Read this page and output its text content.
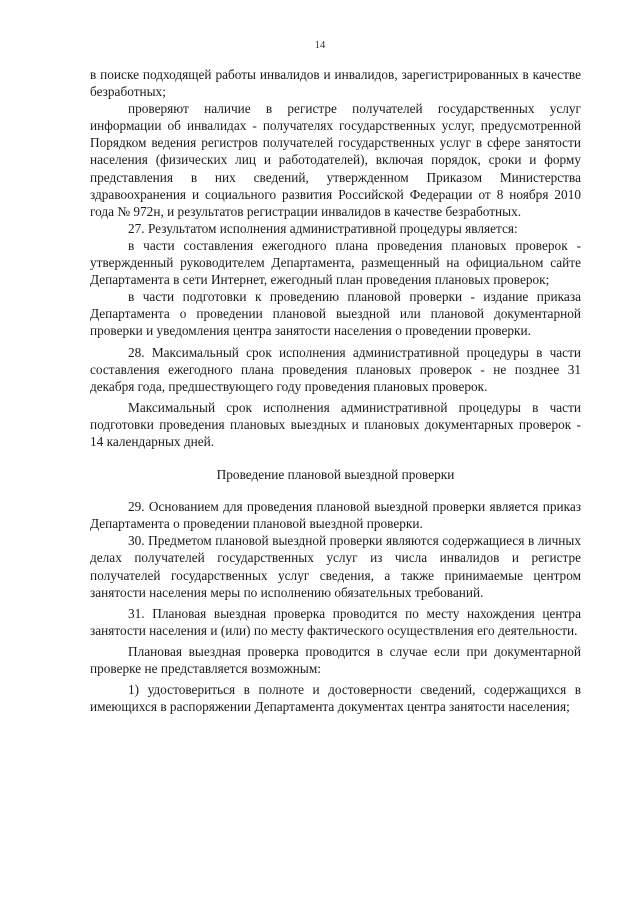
14

в поиске подходящей работы инвалидов и инвалидов, зарегистрированных в качестве безработных;

проверяют наличие в регистре получателей государственных услуг информации об инвалидах - получателях государственных услуг, предусмотренной Порядком ведения регистров получателей государственных услуг в сфере занятости населения (физических лиц и работодателей), включая порядок, сроки и форму представления в них сведений, утвержденном Приказом Министерства здравоохранения и социального развития Российской Федерации от 8 ноября 2010 года № 972н, и результатов регистрации инвалидов в качестве безработных.

27. Результатом исполнения административной процедуры является:

в части составления ежегодного плана проведения плановых проверок - утвержденный руководителем Департамента, размещенный на официальном сайте Департамента в сети Интернет, ежегодный план проведения плановых проверок;

в части подготовки к проведению плановой проверки - издание приказа Департамента о проведении плановой выездной или плановой документарной проверки и уведомления центра занятости населения о проведении проверки.

28. Максимальный срок исполнения административной процедуры в части составления ежегодного плана проведения плановых проверок - не позднее 31 декабря года, предшествующего году проведения плановых проверок.

Максимальный срок исполнения административной процедуры в части подготовки проведения плановых выездных и плановых документарных проверок - 14 календарных дней.

Проведение плановой выездной проверки

29. Основанием для проведения плановой выездной проверки является приказ Департамента о проведении плановой выездной проверки.

30. Предметом плановой выездной проверки являются содержащиеся в личных делах получателей государственных услуг из числа инвалидов и регистре получателей государственных услуг сведения, а также принимаемые центром занятости населения меры по исполнению обязательных требований.

31. Плановая выездная проверка проводится по месту нахождения центра занятости населения и (или) по месту фактического осуществления его деятельности.

Плановая выездная проверка проводится в случае если при документарной проверке не представляется возможным:

1) удостовериться в полноте и достоверности сведений, содержащихся в имеющихся в распоряжении Департамента документах центра занятости населения;
